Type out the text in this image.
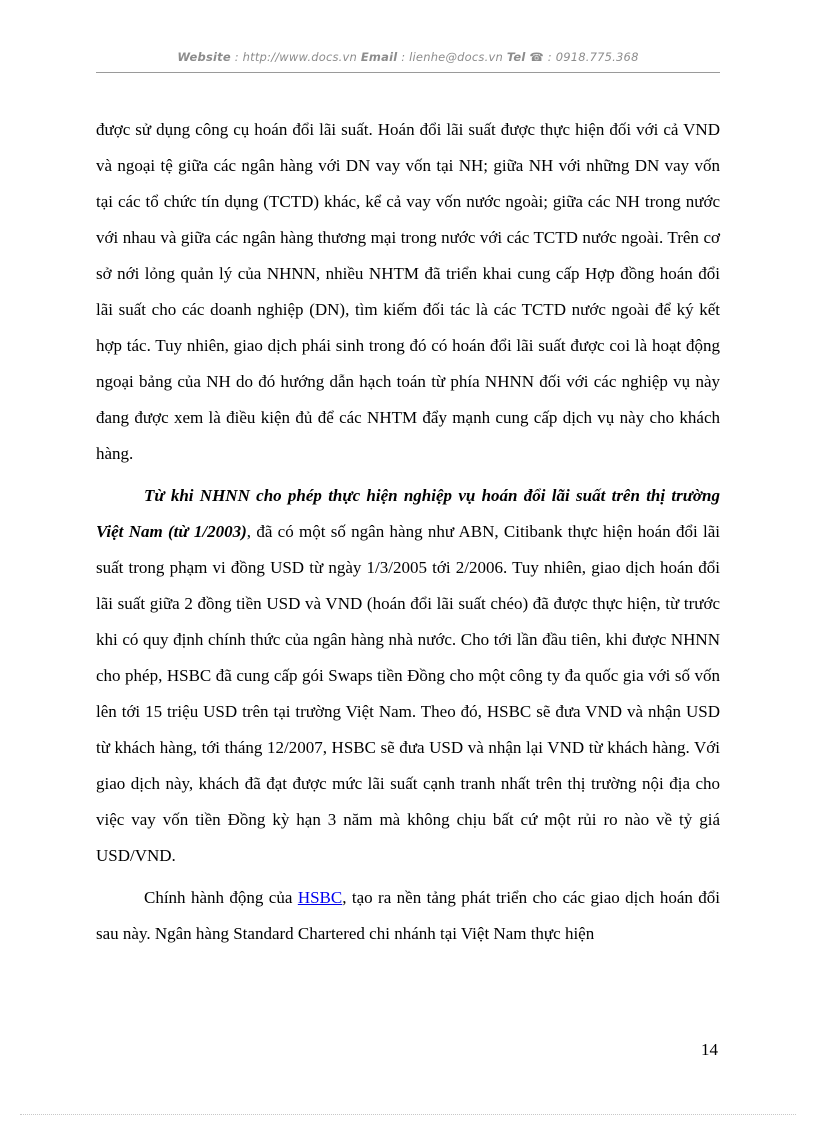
Website : http://www.docs.vn Email : lienhe@docs.vn Tel ☎ : 0918.775.368

được sử dụng công cụ hoán đổi lãi suất. Hoán đổi lãi suất được thực hiện đối với cả VND và ngoại tệ giữa các ngân hàng với DN vay vốn tại NH; giữa NH với những DN vay vốn tại các tổ chức tín dụng (TCTD) khác, kể cả vay vốn nước ngoài; giữa các NH trong nước với nhau và giữa các ngân hàng thương mại trong nước với các TCTD nước ngoài. Trên cơ sở nới lỏng quản lý của NHNN, nhiều NHTM đã triển khai cung cấp Hợp đồng hoán đổi lãi suất cho các doanh nghiệp (DN), tìm kiếm đối tác là các TCTD nước ngoài để ký kết hợp tác. Tuy nhiên, giao dịch phái sinh trong đó có hoán đổi lãi suất được coi là hoạt động ngoại bảng của NH do đó hướng dẫn hạch toán từ phía NHNN đối với các nghiệp vụ này đang được xem là điều kiện đủ để các NHTM đẩy mạnh cung cấp dịch vụ này cho khách hàng.

Từ khi NHNN cho phép thực hiện nghiệp vụ hoán đổi lãi suất trên thị trường Việt Nam (từ 1/2003), đã có một số ngân hàng như ABN, Citibank thực hiện hoán đổi lãi suất trong phạm vi đồng USD từ ngày 1/3/2005 tới 2/2006. Tuy nhiên, giao dịch hoán đổi lãi suất giữa 2 đồng tiền USD và VND (hoán đổi lãi suất chéo) đã được thực hiện, từ trước khi có quy định chính thức của ngân hàng nhà nước. Cho tới lần đầu tiên, khi được NHNN cho phép, HSBC đã cung cấp gói Swaps tiền Đồng cho một công ty đa quốc gia với số vốn lên tới 15 triệu USD trên tại trường Việt Nam. Theo đó, HSBC sẽ đưa VND và nhận USD từ khách hàng, tới tháng 12/2007, HSBC sẽ đưa USD và nhận lại VND từ khách hàng. Với giao dịch này, khách đã đạt được mức lãi suất cạnh tranh nhất trên thị trường nội địa cho việc vay vốn tiền Đồng kỳ hạn 3 năm mà không chịu bất cứ một rủi ro nào về tỷ giá USD/VND.

Chính hành động của HSBC, tạo ra nền tảng phát triển cho các giao dịch hoán đổi sau này. Ngân hàng Standard Chartered chi nhánh tại Việt Nam thực hiện

14
